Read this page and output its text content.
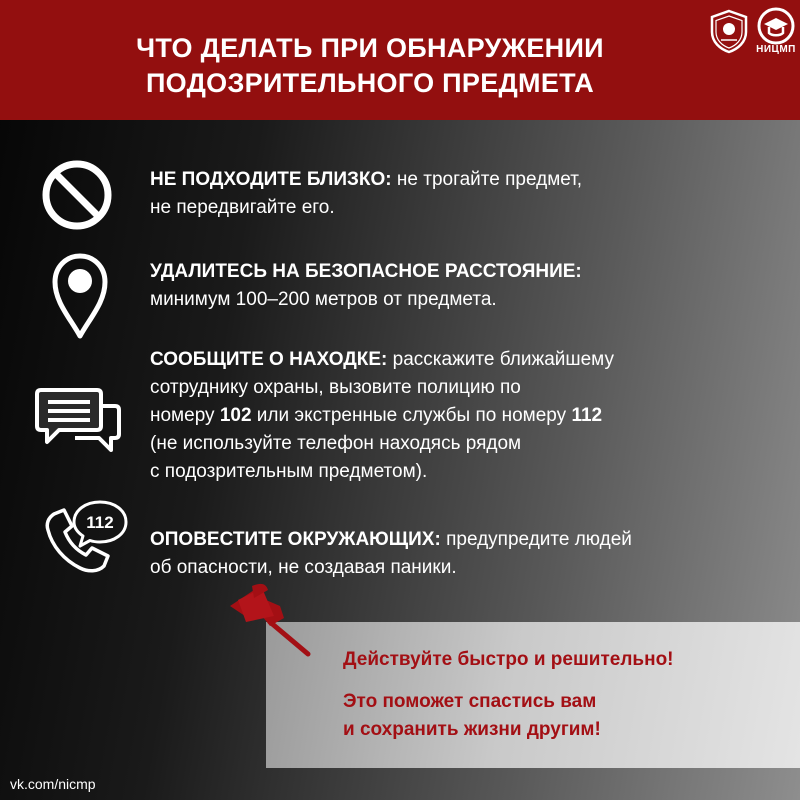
ЧТО ДЕЛАТЬ ПРИ ОБНАРУЖЕНИИ
ПОДОЗРИТЕЛЬНОГО ПРЕДМЕТА
НИЦМП
НЕ ПОДХОДИТЕ БЛИЗКО: не трогайте предмет,
не передвигайте его.
УДАЛИТЕСЬ НА БЕЗОПАСНОЕ РАССТОЯНИЕ:
минимум 100–200 метров от предмета.
СООБЩИТЕ О НАХОДКЕ: расскажите ближайшему
сотруднику охраны, вызовите полицию по
номеру 102 или экстренные службы по номеру 112
(не используйте телефон находясь рядом
с подозрительным предметом).
112
ОПОВЕСТИТЕ ОКРУЖАЮЩИХ: предупредите людей
об опасности, не создавая паники.
Действуйте быстро и решительно!
Это поможет спастись вам
и сохранить жизни другим!
vk.com/nicmp
